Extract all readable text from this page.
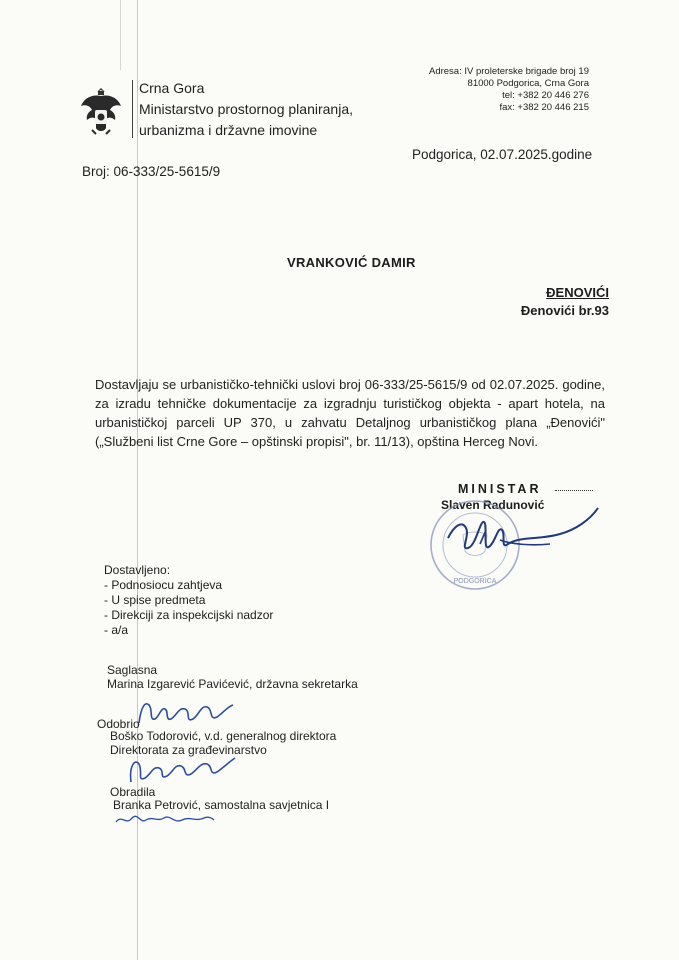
Crna Gora
Ministarstvo prostornog planiranja,
urbanizma i državne imovine
Adresa: IV proleterske brigade broj 19
81000 Podgorica, Crna Gora
tel: +382 20 446 276
fax: +382 20 446 215
Broj: 06-333/25-5615/9
Podgorica, 02.07.2025.godine
VRANKOVIĆ DAMIR
ĐENOVIĆI
Đenovići br.93
Dostavljaju se urbanističko-tehnički uslovi broj 06-333/25-5615/9 od 02.07.2025. godine,
za izradu tehničke dokumentacije za izgradnju turističkog objekta - apart hotela, na
urbanističkoj parceli UP 370, u zahvatu Detaljnog urbanističkog plana „Đenovići"
(„Službeni list Crne Gore – opštinski propisi", br. 11/13), opština Herceg Novi.
MINISTAR
Slaven Radunović
PODGORICA
Dostavljeno:
- Podnosiocu zahtjeva
- U spise predmeta
- Direkciji za inspekcijski nadzor
- a/a
Saglasna
Marina Izgarević Pavićević, državna sekretarka
Odobrio
Boško Todorović, v.d. generalnog direktora
Direktorata za građevinarstvo
Obradila
Branka Petrović, samostalna savjetnica I
